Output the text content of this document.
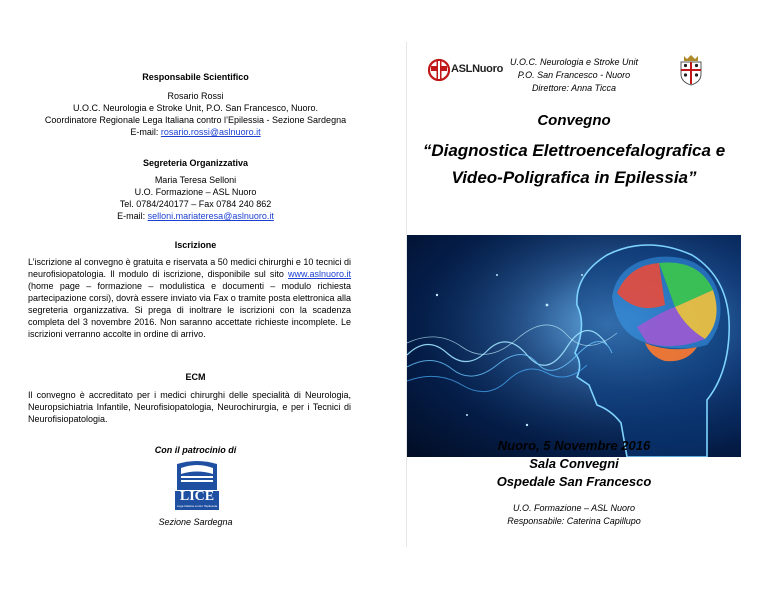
Responsabile Scientifico
Rosario Rossi
U.O.C. Neurologia e Stroke Unit, P.O. San Francesco, Nuoro.
Coordinatore Regionale Lega Italiana contro l’Epilessia - Sezione Sardegna
E-mail: rosario.rossi@aslnuoro.it
Segreteria Organizzativa
Maria Teresa Selloni
U.O. Formazione – ASL Nuoro
Tel. 0784/240177 – Fax 0784 240 862
E-mail: selloni.mariateresa@aslnuoro.it
Iscrizione
L’iscrizione al convegno è gratuita e riservata a 50 medici chirurghi e 10 tecnici di neurofisiopatologia. Il modulo di iscrizione, disponibile sul sito www.aslnuoro.it (home page – formazione – modulistica e documenti – modulo richiesta partecipazione corsi), dovrà essere inviato via Fax o tramite posta elettronica alla segreteria organizzativa. Si prega di inoltrare le iscrizioni con la scadenza completa del 3 novembre 2016. Non saranno accettate richieste incomplete. Le iscrizioni verranno accolte in ordine di arrivo.
ECM
Il convegno è accreditato per i medici chirurghi delle specialità di Neurologia, Neuropsichiatria Infantile, Neurofisiopatologia, Neurochirurgia, e per i Tecnici di Neurofisiopatologia.
Con il patrocinio di
LICE
Lega Italiana contro l'Epilessia
Sezione Sardegna
ASLNuoro
U.O.C. Neurologia e Stroke Unit
P.O. San Francesco - Nuoro
Direttore: Anna Ticca
Convegno
“Diagnostica Elettroencefalografica e
Video-Poligrafica in Epilessia”
Nuoro, 5 Novembre 2016
Sala Convegni
Ospedale San Francesco
U.O. Formazione – ASL Nuoro
Responsabile: Caterina Capillupo
